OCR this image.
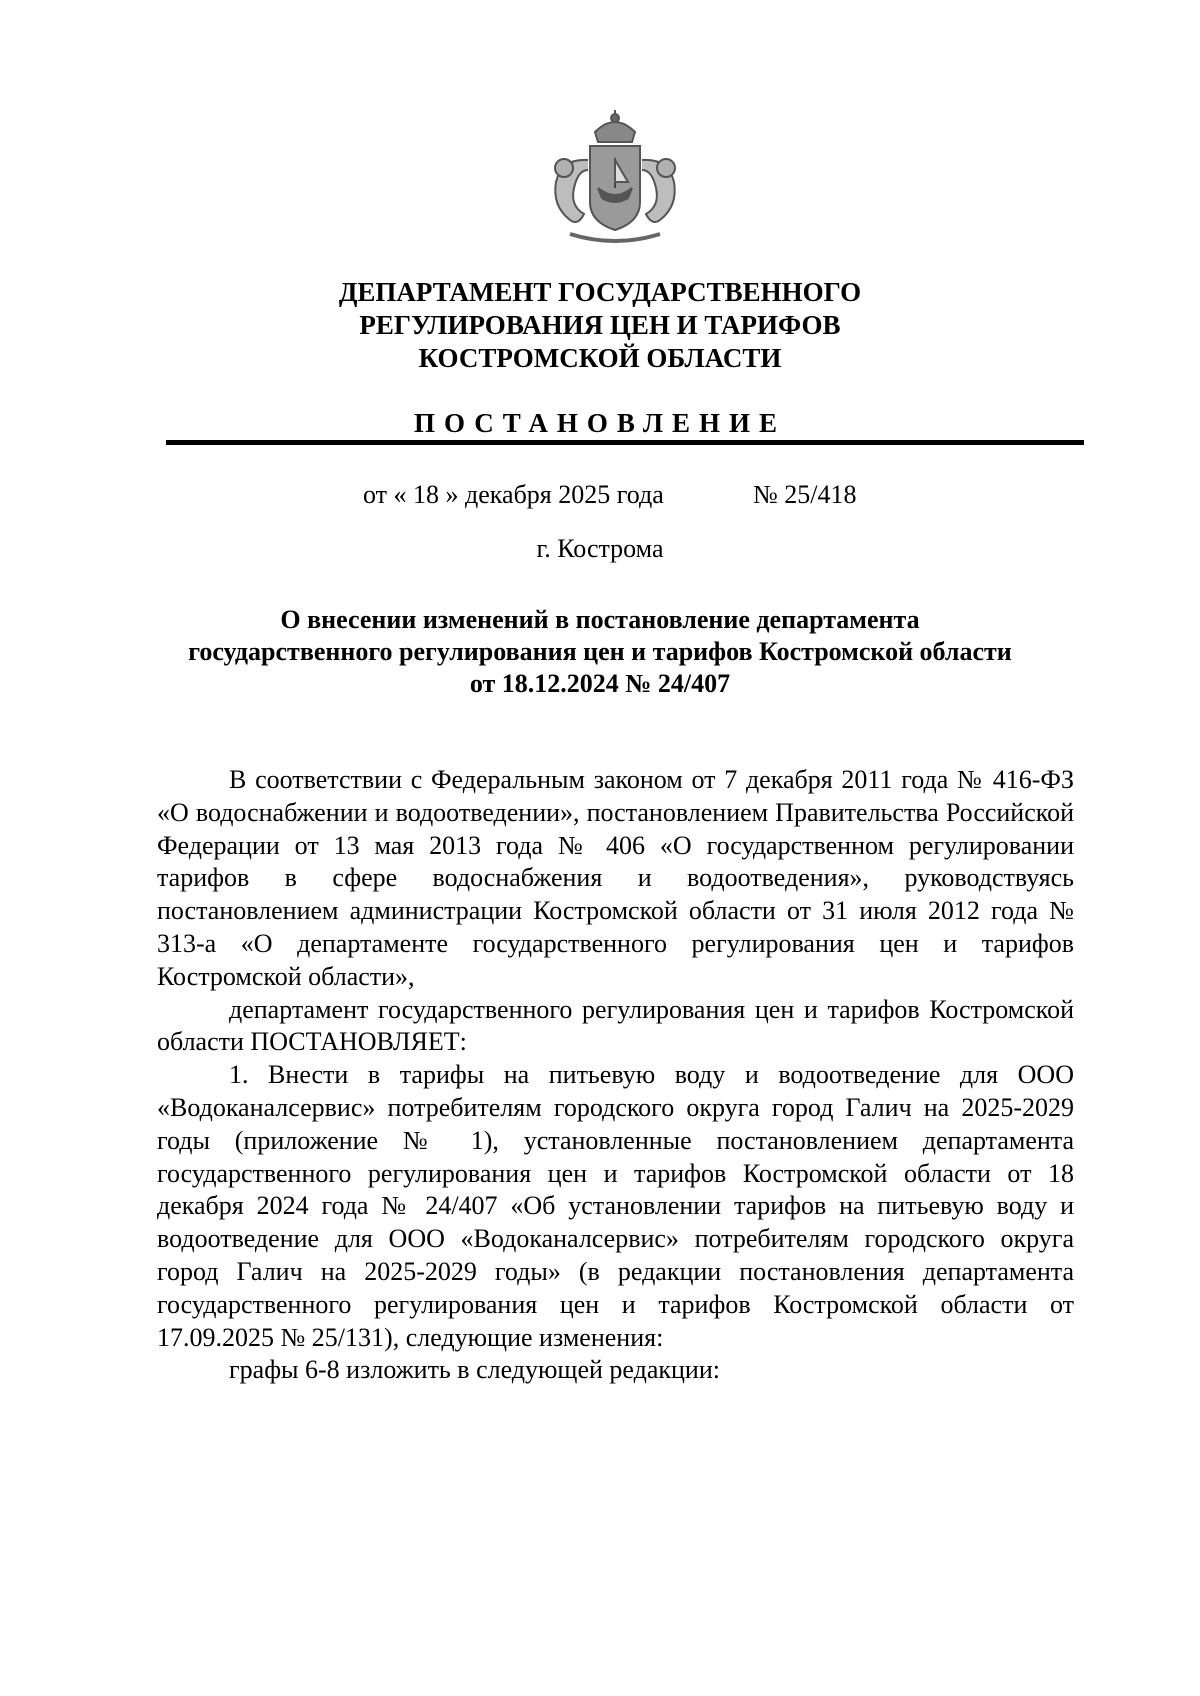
ДЕПАРТАМЕНТ ГОСУДАРСТВЕННОГО
РЕГУЛИРОВАНИЯ ЦЕН И ТАРИФОВ
КОСТРОМСКОЙ ОБЛАСТИ
ПОСТАНОВЛЕНИЕ
от « 18 » декабря 2025 года	№ 25/418
г. Кострома
О внесении изменений в постановление департамента
государственного регулирования цен и тарифов Костромской области
от 18.12.2024 № 24/407

В соответствии с Федеральным законом от 7 декабря 2011 года № 416-ФЗ «О водоснабжении и водоотведении», постановлением Правительства Российской Федерации от 13 мая 2013 года № 406 «О государственном регулировании тарифов в сфере водоснабжения и водоотведения», руководствуясь постановлением администрации Костромской области от 31 июля 2012 года № 313-а «О департаменте государственного регулирования цен и тарифов Костромской области»,

департамент государственного регулирования цен и тарифов Костромской области ПОСТАНОВЛЯЕТ:

1. Внести в тарифы на питьевую воду и водоотведение для ООО «Водоканалсервис» потребителям городского округа город Галич на 2025-2029 годы (приложение № 1), установленные постановлением департамента государственного регулирования цен и тарифов Костромской области от 18 декабря 2024 года № 24/407 «Об установлении тарифов на питьевую воду и водоотведение для ООО «Водоканалсервис» потребителям городского округа город Галич на 2025-2029 годы» (в редакции постановления департамента государственного регулирования цен и тарифов Костромской области от 17.09.2025 № 25/131), следующие изменения:

графы 6-8 изложить в следующей редакции:
